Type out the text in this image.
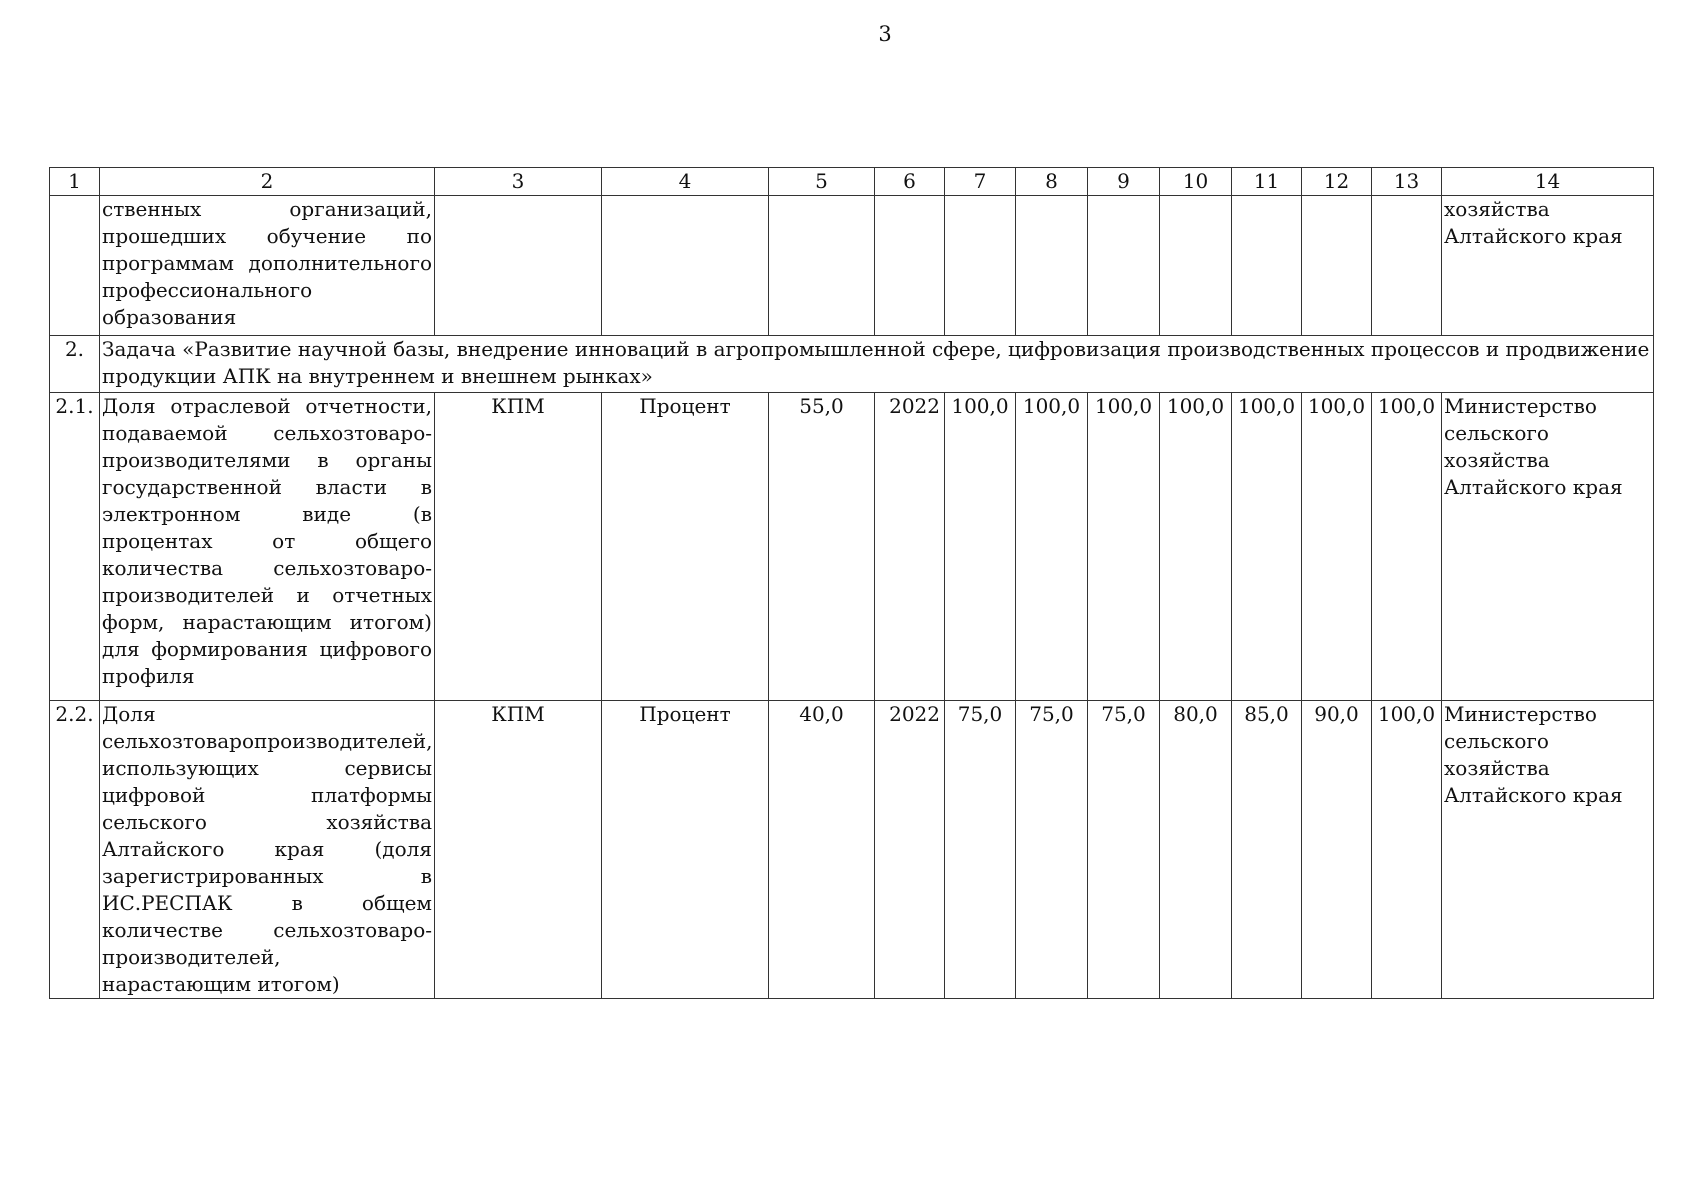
3
1	2	3	4	5	6	7	8	9	10	11	12	13	14
	ственных организаций, прошедших обучение по программам дополнительного профессионального образования												хозяйства Алтайского края
2.	Задача «Развитие научной базы, внедрение инноваций в агропромышленной сфере, цифровизация производственных процессов и продвижение продукции АПК на внутреннем и внешнем рынках»												
2.1.	Доля отраслевой отчетности, подаваемой сельхозтоваро-производителями в органы государственной власти в электронном виде (в процентах от общего количества сельхозтоваро-производителей и отчетных форм, нарастающим итогом) для формирования цифрового профиля	КПМ	Процент	55,0	2022	100,0	100,0	100,0	100,0	100,0	100,0	100,0	Министерство сельского хозяйства Алтайского края
2.2.	Доля сельхозтоваропроизводителей, использующих сервисы цифровой платформы сельского хозяйства Алтайского края (доля зарегистрированных в ИС.РЕСПАК в общем количестве сельхозтоваро-производителей, нарастающим итогом)	КПМ	Процент	40,0	2022	75,0	75,0	75,0	80,0	85,0	90,0	100,0	Министерство сельского хозяйства Алтайского края
